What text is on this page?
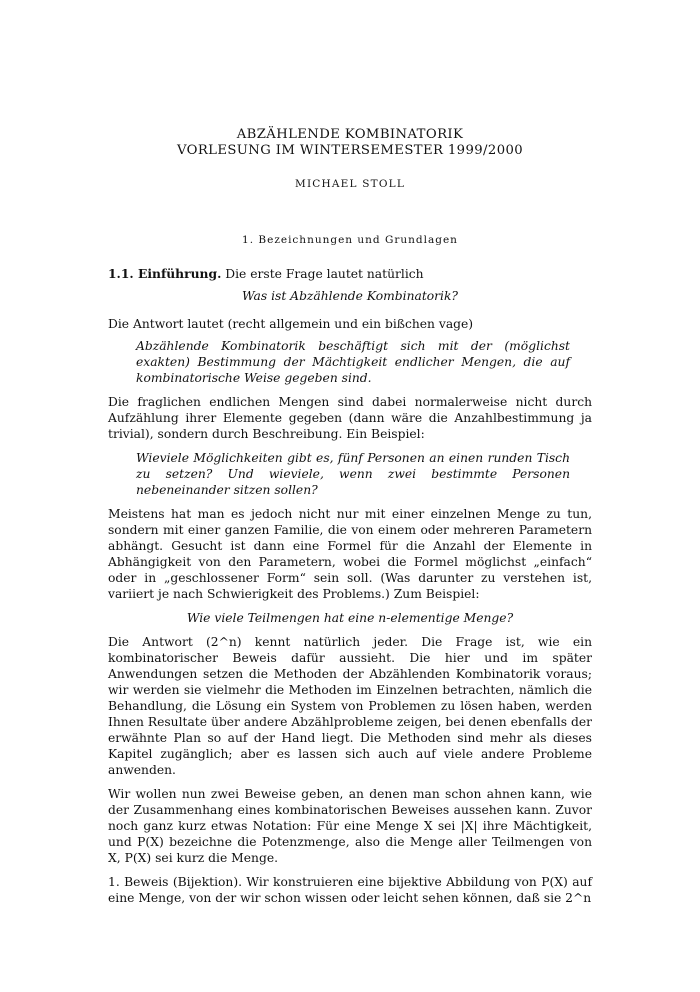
ABZÄHLENDE KOMBINATORIK
VORLESUNG IM WINTERSEMESTER 1999/2000
MICHAEL STOLL
1. Bezeichnungen und Grundlagen
1.1. Einführung. Die erste Frage lautet natürlich
Was ist Abzählende Kombinatorik?
Die Antwort lautet (recht allgemein und ein bißchen vage)
Abzählende Kombinatorik beschäftigt sich mit der (möglichst exakten) Bestimmung der Mächtigkeit endlicher Mengen, die auf kombinatorische Weise gegeben sind.
Die fraglichen endlichen Mengen sind dabei normalerweise nicht durch Aufzählung ihrer Elemente gegeben (dann wäre die Anzahlbestimmung ja trivial), sondern durch Beschreibung. Ein Beispiel:
Wieviele Möglichkeiten gibt es, fünf Personen an einen runden Tisch zu setzen? Und wieviele, wenn zwei bestimmte Personen nebeneinander sitzen sollen?
Meistens hat man es jedoch nicht nur mit einer einzelnen Menge zu tun, sondern mit einer ganzen Familie, die von einem oder mehreren Parametern abhängt. Gesucht ist dann eine Formel für die Anzahl der Elemente in Abhängigkeit von den Parametern, wobei die Formel möglichst „einfach“ oder in „geschlossener Form“ sein soll. (Was darunter zu verstehen ist, variiert je nach Schwierigkeit des Problems.) Zum Beispiel:
Wie viele Teilmengen hat eine n-elementige Menge?
Die Antwort (2^n) kennt natürlich jeder. Die Frage ist, wie ein kombinatorischer Beweis dafür aussieht. Die hier und im später Anwendungen setzen die Methoden der Abzählenden Kombinatorik voraus; wir werden sie vielmehr die Methoden im Einzelnen betrachten, nämlich die Behandlung, die Lösung ein System von Problemen zu lösen haben, werden Ihnen Resultate über andere Abzählprobleme zeigen, bei denen ebenfalls der erwähnte Plan so auf der Hand liegt. Die Methoden sind mehr als dieses Kapitel zugänglich; aber es lassen sich auch auf viele andere Probleme anwenden.
Wir wollen nun zwei Beweise geben, an denen man schon ahnen kann, wie der Zusammenhang eines kombinatorischen Beweises aussehen kann. Zuvor noch ganz kurz etwas Notation: Für eine Menge X sei |X| ihre Mächtigkeit, und P(X) bezeichne die Potenzmenge, also die Menge aller Teilmengen von X, P(X) sei kurz die Menge.
1. Beweis (Bijektion). Wir konstruieren eine bijektive Abbildung von P(X) auf eine Menge, von der wir schon wissen oder leicht sehen können, daß sie 2^n
